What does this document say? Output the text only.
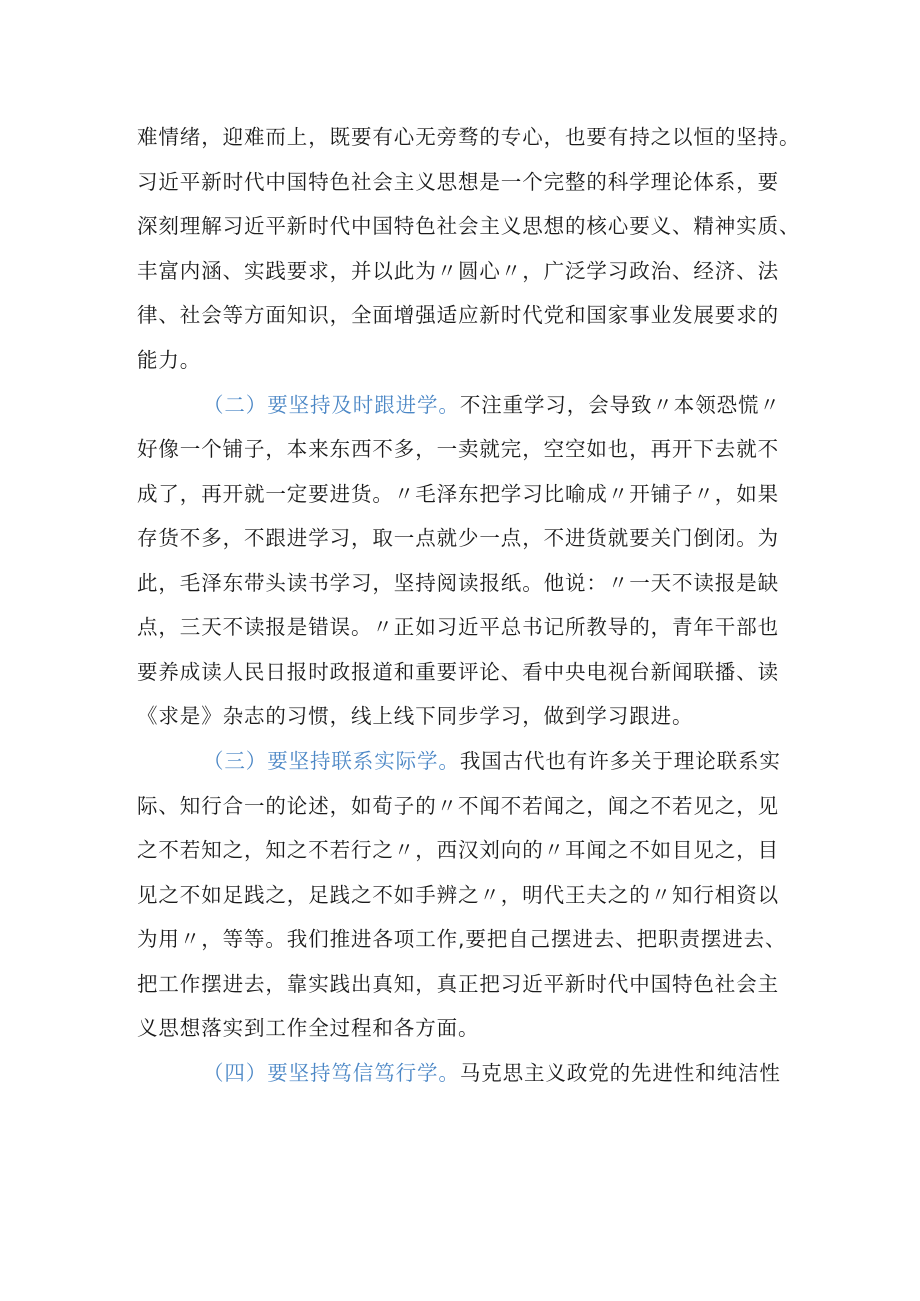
难情绪，迎难而上，既要有心无旁骛的专心，也要有持之以恒的坚持。
习近平新时代中国特色社会主义思想是一个完整的科学理论体系，要
深刻理解习近平新时代中国特色社会主义思想的核心要义、精神实质、
丰富内涵、实践要求，并以此为〃圆心〃，广泛学习政治、经济、法
律、社会等方面知识，全面增强适应新时代党和国家事业发展要求的
能力。
（二）要坚持及时跟进学。不注重学习，会导致〃本领恐慌〃
好像一个铺子，本来东西不多，一卖就完，空空如也，再开下去就不
成了，再开就一定要进货。〃毛泽东把学习比喻成〃开铺子〃，如果
存货不多，不跟进学习，取一点就少一点，不进货就要关门倒闭。为
此，毛泽东带头读书学习，坚持阅读报纸。他说：〃一天不读报是缺
点，三天不读报是错误。〃正如习近平总书记所教导的，青年干部也
要养成读人民日报时政报道和重要评论、看中央电视台新闻联播、读
《求是》杂志的习惯，线上线下同步学习，做到学习跟进。
（三）要坚持联系实际学。我国古代也有许多关于理论联系实
际、知行合一的论述，如荀子的〃不闻不若闻之，闻之不若见之，见
之不若知之，知之不若行之〃，西汉刘向的〃耳闻之不如目见之，目
见之不如足践之，足践之不如手辨之〃，明代王夫之的〃知行相资以
为用〃，等等。我们推进各项工作,要把自己摆进去、把职责摆进去、
把工作摆进去，靠实践出真知，真正把习近平新时代中国特色社会主
义思想落实到工作全过程和各方面。
（四）要坚持笃信笃行学。马克思主义政党的先进性和纯洁性
